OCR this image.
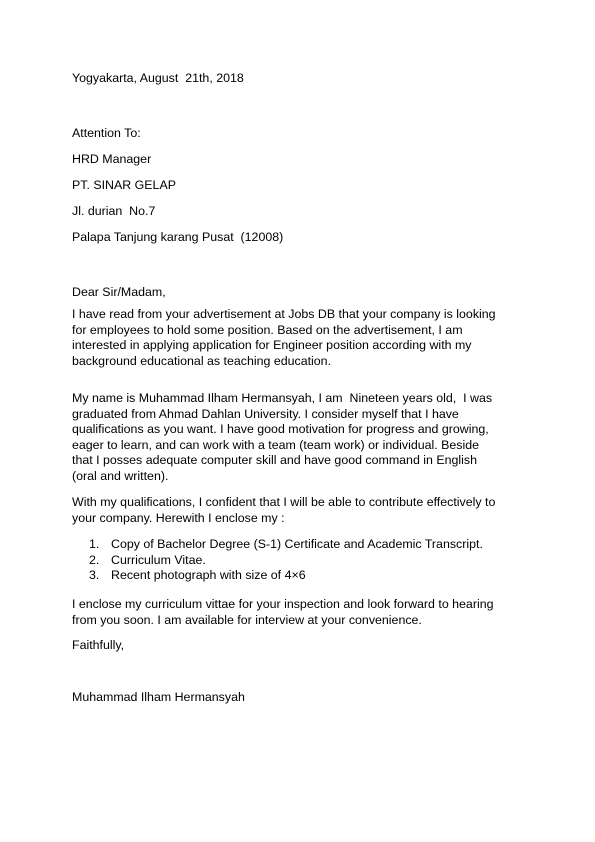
Yogyakarta, August  21th, 2018
Attention To:
HRD Manager
PT. SINAR GELAP
Jl. durian  No.7
Palapa Tanjung karang Pusat  (12008)
Dear Sir/Madam,
I have read from your advertisement at Jobs DB that your company is looking
for employees to hold some position. Based on the advertisement, I am
interested in applying application for Engineer position according with my
background educational as teaching education.
My name is Muhammad Ilham Hermansyah, I am  Nineteen years old,  I was
graduated from Ahmad Dahlan University. I consider myself that I have
qualifications as you want. I have good motivation for progress and growing,
eager to learn, and can work with a team (team work) or individual. Beside
that I posses adequate computer skill and have good command in English
(oral and written).
With my qualifications, I confident that I will be able to contribute effectively to
your company. Herewith I enclose my :
1. Copy of Bachelor Degree (S-1) Certificate and Academic Transcript.
2. Curriculum Vitae.
3. Recent photograph with size of 4×6
I enclose my curriculum vittae for your inspection and look forward to hearing
from you soon. I am available for interview at your convenience.
Faithfully,
Muhammad Ilham Hermansyah
